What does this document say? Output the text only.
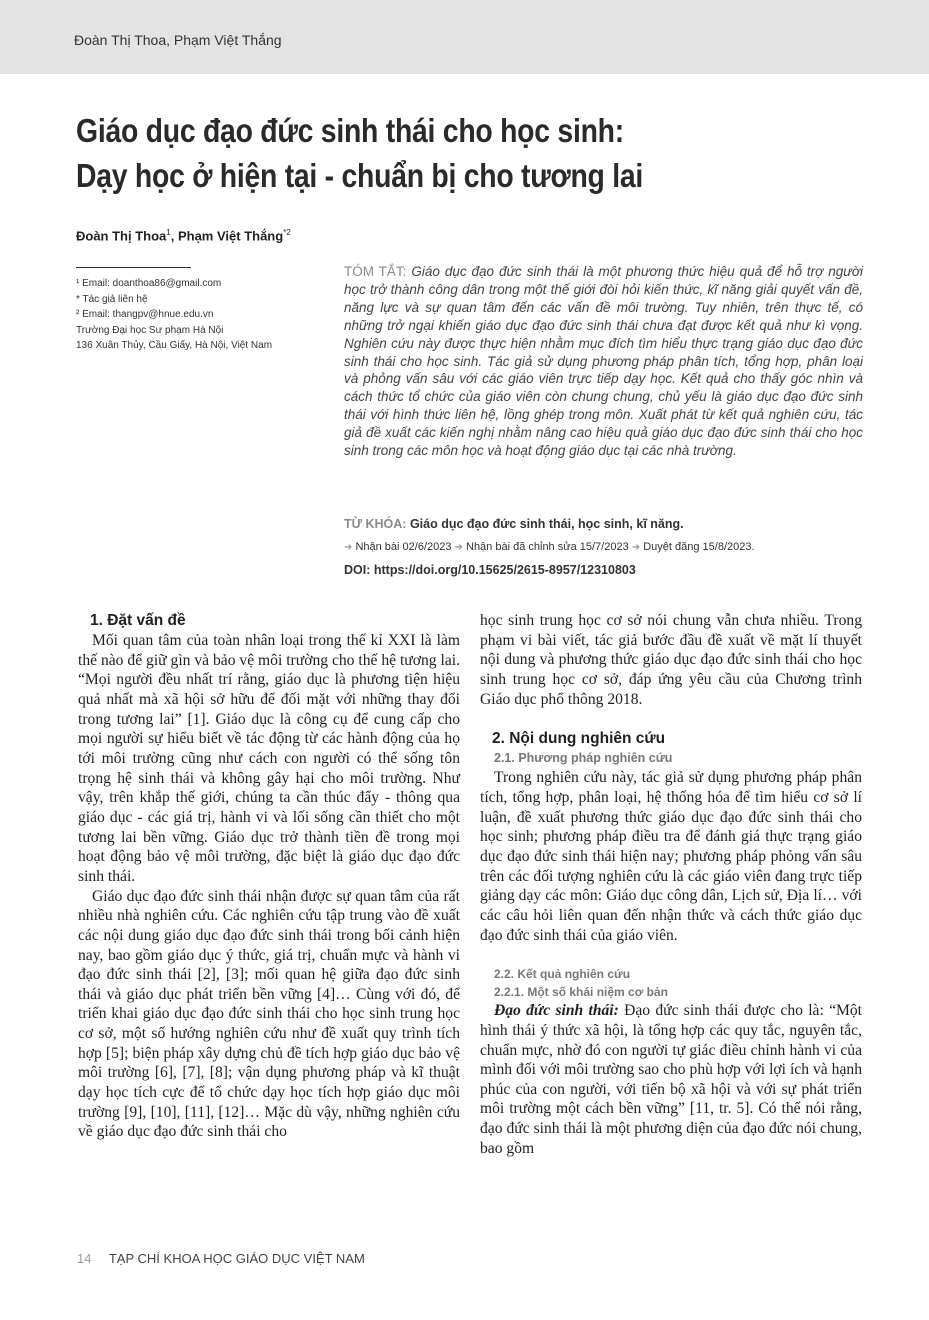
Đoàn Thị Thoa, Phạm Việt Thắng
Giáo dục đạo đức sinh thái cho học sinh:
Dạy học ở hiện tại - chuẩn bị cho tương lai
Đoàn Thị Thoa$^1$, Phạm Việt Thắng$^{*2}$
¹ Email: doanthoa86@gmail.com
* Tác giả liên hệ
² Email: thangpv@hnue.edu.vn
Trường Đại học Sư phạm Hà Nội
136 Xuân Thủy, Cầu Giấy, Hà Nội, Việt Nam
TÓM TẮT: Giáo dục đạo đức sinh thái là một phương thức hiệu quả để hỗ trợ người học trở thành công dân trong một thế giới đòi hỏi kiến thức, kĩ năng giải quyết vấn đề, năng lực và sự quan tâm đến các vấn đề môi trường. Tuy nhiên, trên thực tế, có những trở ngại khiến giáo dục đạo đức sinh thái chưa đạt được kết quả như kì vọng. Nghiên cứu này được thực hiện nhằm mục đích tìm hiểu thực trạng giáo dục đạo đức sinh thái cho học sinh. Tác giả sử dụng phương pháp phân tích, tổng hợp, phân loại và phỏng vấn sâu với các giáo viên trực tiếp dạy học. Kết quả cho thấy góc nhìn và cách thức tổ chức của giáo viên còn chung chung, chủ yếu là giáo dục đạo đức sinh thái với hình thức liên hệ, lồng ghép trong môn. Xuất phát từ kết quả nghiên cứu, tác giả đề xuất các kiến nghị nhằm nâng cao hiệu quả giáo dục đạo đức sinh thái cho học sinh trong các môn học và hoạt động giáo dục tại các nhà trường.
TỪ KHÓA: Giáo dục đạo đức sinh thái, học sinh, kĩ năng.
➜ Nhận bài 02/6/2023 ➜ Nhận bài đã chỉnh sửa 15/7/2023 ➜ Duyệt đăng 15/8/2023.
DOI: https://doi.org/10.15625/2615-8957/12310803
1. Đặt vấn đề

Mối quan tâm của toàn nhân loại trong thế kỉ XXI là làm thế nào để giữ gìn và bảo vệ môi trường cho thế hệ tương lai. “Mọi người đều nhất trí rằng, giáo dục là phương tiện hiệu quả nhất mà xã hội sở hữu để đối mặt với những thay đổi trong tương lai” [1]. Giáo dục là công cụ để cung cấp cho mọi người sự hiểu biết về tác động từ các hành động của họ tới môi trường cũng như cách con người có thể sống tôn trọng hệ sinh thái và không gây hại cho môi trường. Như vậy, trên khắp thế giới, chúng ta cần thúc đẩy - thông qua giáo dục - các giá trị, hành vi và lối sống cần thiết cho một tương lai bền vững. Giáo dục trở thành tiền đề trong mọi hoạt động bảo vệ môi trường, đặc biệt là giáo dục đạo đức sinh thái.

Giáo dục đạo đức sinh thái nhận được sự quan tâm của rất nhiều nhà nghiên cứu. Các nghiên cứu tập trung vào đề xuất các nội dung giáo dục đạo đức sinh thái trong bối cảnh hiện nay, bao gồm giáo dục ý thức, giá trị, chuẩn mực và hành vi đạo đức sinh thái [2], [3]; mối quan hệ giữa đạo đức sinh thái và giáo dục phát triển bền vững [4]… Cùng với đó, để triển khai giáo dục đạo đức sinh thái cho học sinh trung học cơ sở, một số hướng nghiên cứu như đề xuất quy trình tích hợp [5]; biện pháp xây dựng chủ đề tích hợp giáo dục bảo vệ môi trường [6], [7], [8]; vận dụng phương pháp và kĩ thuật dạy học tích cực để tổ chức dạy học tích hợp giáo dục môi trường [9], [10], [11], [12]… Mặc dù vậy, những nghiên cứu về giáo dục đạo đức sinh thái cho

học sinh trung học cơ sở nói chung vẫn chưa nhiều. Trong phạm vi bài viết, tác giả bước đầu đề xuất về mặt lí thuyết nội dung và phương thức giáo dục đạo đức sinh thái cho học sinh trung học cơ sở, đáp ứng yêu cầu của Chương trình Giáo dục phổ thông 2018.

2. Nội dung nghiên cứu
2.1. Phương pháp nghiên cứu

Trong nghiên cứu này, tác giả sử dụng phương pháp phân tích, tổng hợp, phân loại, hệ thống hóa để tìm hiểu cơ sở lí luận, đề xuất phương thức giáo dục đạo đức sinh thái cho học sinh; phương pháp điều tra để đánh giá thực trạng giáo dục đạo đức sinh thái hiện nay; phương pháp phỏng vấn sâu trên các đối tượng nghiên cứu là các giáo viên đang trực tiếp giảng dạy các môn: Giáo dục công dân, Lịch sử, Địa lí… với các câu hỏi liên quan đến nhận thức và cách thức giáo dục đạo đức sinh thái của giáo viên.

2.2. Kết quả nghiên cứu
2.2.1. Một số khái niệm cơ bản

Đạo đức sinh thái: Đạo đức sinh thái được cho là: “Một hình thái ý thức xã hội, là tổng hợp các quy tắc, nguyên tắc, chuẩn mực, nhờ đó con người tự giác điều chỉnh hành vi của mình đối với môi trường sao cho phù hợp với lợi ích và hạnh phúc của con người, với tiến bộ xã hội và với sự phát triển môi trường một cách bền vững” [11, tr. 5]. Có thể nói rằng, đạo đức sinh thái là một phương diện của đạo đức nói chung, bao gồm

14 TẠP CHÍ KHOA HỌC GIÁO DỤC VIỆT NAM
